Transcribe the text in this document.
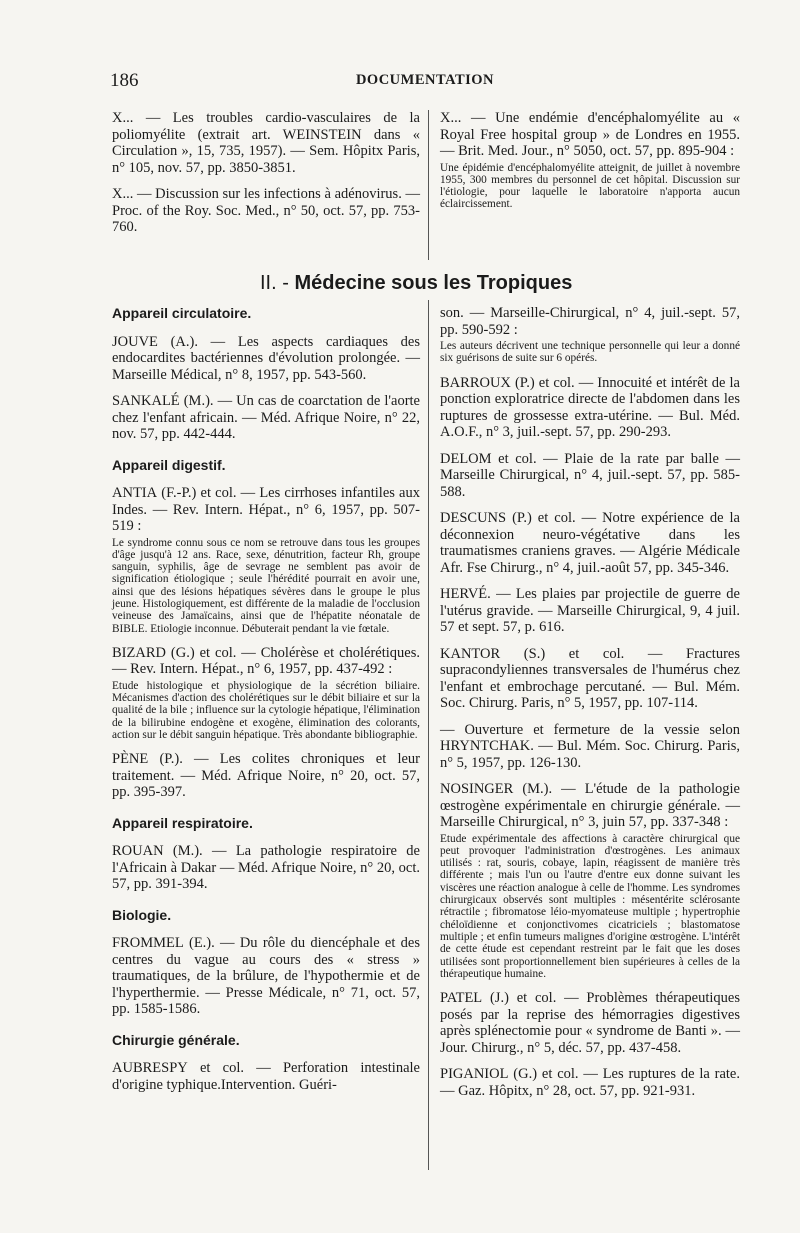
186	DOCUMENTATION
X... — Les troubles cardio-vasculaires de la poliomyélite (extrait art. WEINSTEIN dans « Circulation », 15, 735, 1957). — Sem. Hôpitx Paris, n° 105, nov. 57, pp. 3850-3851.
X... — Discussion sur les infections à adénovirus. — Proc. of the Roy. Soc. Med., n° 50, oct. 57, pp. 753-760.
X... — Une endémie d'encéphalomyélite au « Royal Free hospital group » de Londres en 1955. — Brit. Med. Jour., n° 5050, oct. 57, pp. 895-904 :
Une épidémie d'encéphalomyélite atteignit, de juillet à novembre 1955, 300 membres du personnel de cet hôpital. Discussion sur l'étiologie, pour laquelle le laboratoire n'apporta aucun éclaircissement.
II. - Médecine sous les Tropiques
Appareil circulatoire.
JOUVE (A.). — Les aspects cardiaques des endocardites bactériennes d'évolution prolongée. — Marseille Médical, n° 8, 1957, pp. 543-560.
SANKALÉ (M.). — Un cas de coarctation de l'aorte chez l'enfant africain. — Méd. Afrique Noire, n° 22, nov. 57, pp. 442-444.
Appareil digestif.
ANTIA (F.-P.) et col. — Les cirrhoses infantiles aux Indes. — Rev. Intern. Hépat., n° 6, 1957, pp. 507-519 :
Le syndrome connu sous ce nom se retrouve dans tous les groupes d'âge jusqu'à 12 ans. Race, sexe, dénutrition, facteur Rh, groupe sanguin, syphilis, âge de sevrage ne semblent pas avoir de signification étiologique ; seule l'hérédité pourrait en avoir une, ainsi que des lésions hépatiques sévères dans le groupe le plus jeune. Histologiquement, est différente de la maladie de l'occlusion veineuse des Jamaïcains, ainsi que de l'hépatite néonatale de BIBLE. Etiologie inconnue. Débuterait pendant la vie fœtale.
BIZARD (G.) et col. — Cholérèse et cholérétiques. — Rev. Intern. Hépat., n° 6, 1957, pp. 437-492 :
Etude histologique et physiologique de la sécrétion biliaire. Mécanismes d'action des cholérétiques sur le débit biliaire et sur la qualité de la bile ; influence sur la cytologie hépatique, l'élimination de la bilirubine endogène et exogène, élimination des colorants, action sur le débit sanguin hépatique. Très abondante bibliographie.
PÈNE (P.). — Les colites chroniques et leur traitement. — Méd. Afrique Noire, n° 20, oct. 57, pp. 395-397.
Appareil respiratoire.
ROUAN (M.). — La pathologie respiratoire de l'Africain à Dakar — Méd. Afrique Noire, n° 20, oct. 57, pp. 391-394.
Biologie.
FROMMEL (E.). — Du rôle du diencéphale et des centres du vague au cours des « stress » traumatiques, de la brûlure, de l'hypothermie et de l'hyperthermie. — Presse Médicale, n° 71, oct. 57, pp. 1585-1586.
Chirurgie générale.
AUBRESPY et col. — Perforation intestinale d'origine typhique.Intervention. Guéri-
son. — Marseille-Chirurgical, n° 4, juil.-sept. 57, pp. 590-592 :
Les auteurs décrivent une technique personnelle qui leur a donné six guérisons de suite sur 6 opérés.
BARROUX (P.) et col. — Innocuité et intérêt de la ponction exploratrice directe de l'abdomen dans les ruptures de grossesse extra-utérine. — Bul. Méd. A.O.F., n° 3, juil.-sept. 57, pp. 290-293.
DELOM et col. — Plaie de la rate par balle — Marseille Chirurgical, n° 4, juil.-sept. 57, pp. 585-588.
DESCUNS (P.) et col. — Notre expérience de la déconnexion neuro-végétative dans les traumatismes craniens graves. — Algérie Médicale Afr. Fse Chirurg., n° 4, juil.-août 57, pp. 345-346.
HERVÉ. — Les plaies par projectile de guerre de l'utérus gravide. — Marseille Chirurgical, 9, 4 juil. 57 et sept. 57, p. 616.
KANTOR (S.) et col. — Fractures supracondyliennes transversales de l'humérus chez l'enfant et embrochage percutané. — Bul. Mém. Soc. Chirurg. Paris, n° 5, 1957, pp. 107-114.
— Ouverture et fermeture de la vessie selon HRYNTCHAK. — Bul. Mém. Soc. Chirurg. Paris, n° 5, 1957, pp. 126-130.
NOSINGER (M.). — L'étude de la pathologie œstrogène expérimentale en chirurgie générale. — Marseille Chirurgical, n° 3, juin 57, pp. 337-348 :
Etude expérimentale des affections à caractère chirurgical que peut provoquer l'administration d'œstrogènes. Les animaux utilisés : rat, souris, cobaye, lapin, réagissent de manière très différente ; mais l'un ou l'autre d'entre eux donne suivant les viscères une réaction analogue à celle de l'homme. Les syndromes chirurgicaux observés sont multiples : mésentérite sclérosante rétractile ; fibromatose léio-myomateuse multiple ; hypertrophie chéloïdienne et conjonctivomes cicatriciels ; blastomatose multiple ; et enfin tumeurs malignes d'origine œstrogène. L'intérêt de cette étude est cependant restreint par le fait que les doses utilisées sont proportionnellement bien supérieures à celles de la thérapeutique humaine.
PATEL (J.) et col. — Problèmes thérapeutiques posés par la reprise des hémorragies digestives après splénectomie pour « syndrome de Banti ». — Jour. Chirurg., n° 5, déc. 57, pp. 437-458.
PIGANIOL (G.) et col. — Les ruptures de la rate. — Gaz. Hôpitx, n° 28, oct. 57, pp. 921-931.
